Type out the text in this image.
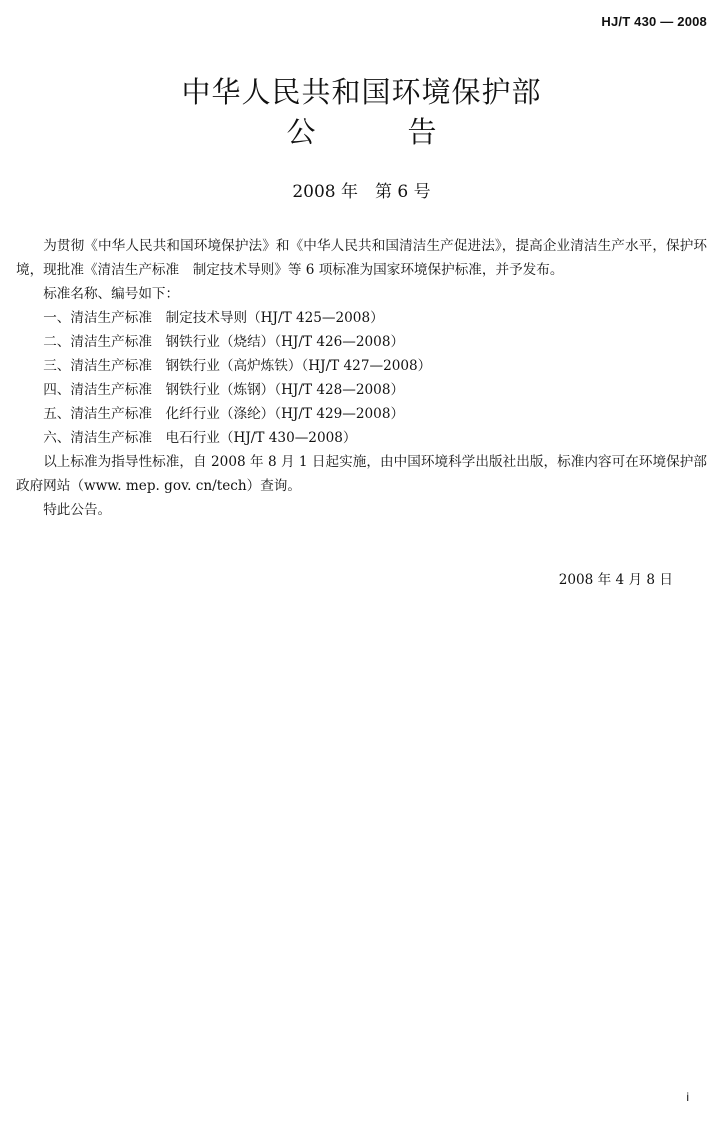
HJ/T 430 — 2008
中华人民共和国环境保护部
公	告
2008 年　第 6 号

为贯彻《中华人民共和国环境保护法》和《中华人民共和国清洁生产促进法》，提高企业清洁生产水平，保护环境，现批准《清洁生产标准　制定技术导则》等 6 项标准为国家环境保护标准，并予发布。

标准名称、编号如下：

一、清洁生产标准　制定技术导则（HJ/T 425—2008）

二、清洁生产标准　钢铁行业（烧结）（HJ/T 426—2008）

三、清洁生产标准　钢铁行业（高炉炼铁）（HJ/T 427—2008）

四、清洁生产标准　钢铁行业（炼钢）（HJ/T 428—2008）

五、清洁生产标准　化纤行业（涤纶）（HJ/T 429—2008）

六、清洁生产标准　电石行业（HJ/T 430—2008）

以上标准为指导性标准，自 2008 年 8 月 1 日起实施，由中国环境科学出版社出版，标准内容可在环境保护部政府网站（www. mep. gov. cn/tech）查询。

特此公告。

2008 年 4 月 8 日
i
